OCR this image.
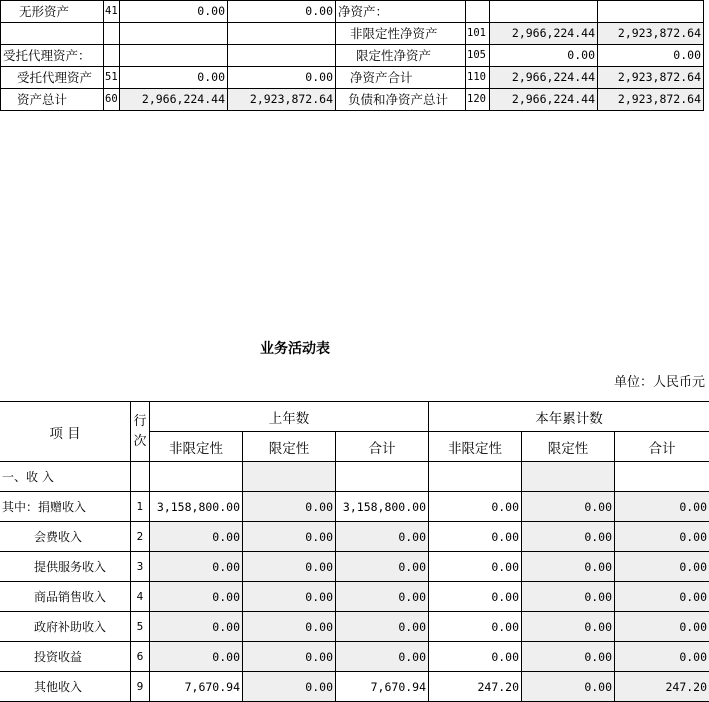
无形资产	41	0.00	0.00	净资产：			
				非限定性净资产	101	2,966,224.44	2,923,872.64
受托代理资产：				限定性净资产	105	0.00	0.00
受托代理资产	51	0.00	0.00	净资产合计	110	2,966,224.44	2,923,872.64
资产总计	60	2,966,224.44	2,923,872.64	负债和净资产总计	120	2,966,224.44	2,923,872.64
业务活动表
单位：人民币元
项 目	行次	上年数			本年累计数		
		非限定性	限定性	合计	非限定性	限定性	合计
一、收 入							
其中：捐赠收入	1	3,158,800.00	0.00	3,158,800.00	0.00	0.00	0.00
会费收入	2	0.00	0.00	0.00	0.00	0.00	0.00
提供服务收入	3	0.00	0.00	0.00	0.00	0.00	0.00
商品销售收入	4	0.00	0.00	0.00	0.00	0.00	0.00
政府补助收入	5	0.00	0.00	0.00	0.00	0.00	0.00
投资收益	6	0.00	0.00	0.00	0.00	0.00	0.00
其他收入	9	7,670.94	0.00	7,670.94	247.20	0.00	247.20
